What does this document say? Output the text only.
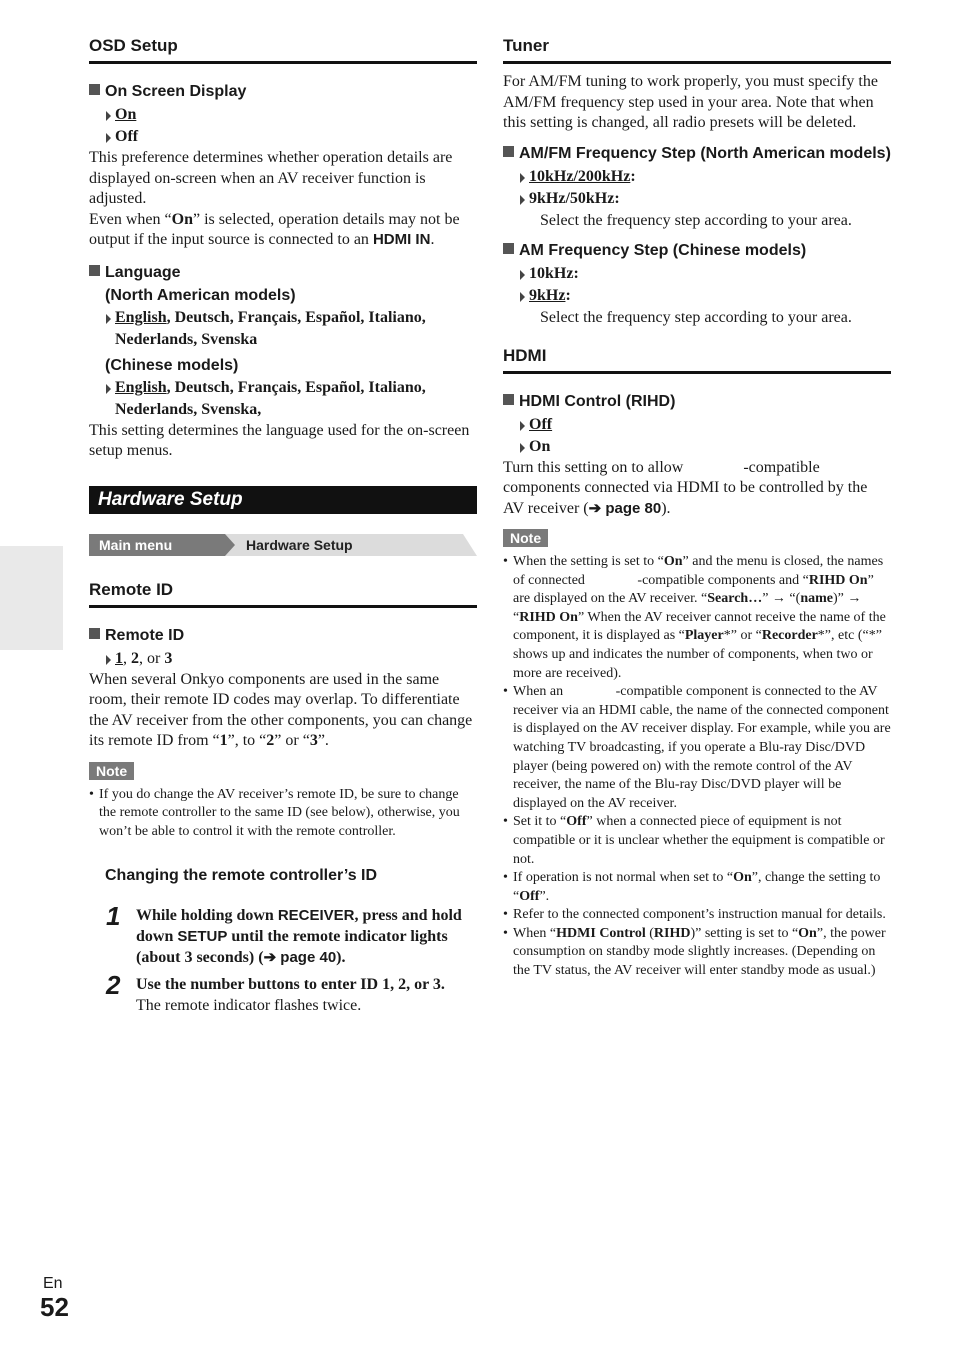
OSD Setup
On Screen Display
On
Off

This preference determines whether operation details are displayed on-screen when an AV receiver function is adjusted.

Even when “On” is selected, operation details may not be output if the input source is connected to an HDMI IN.

Language
(North American models)
English, Deutsch, Français, Español, Italiano, Nederlands, Svenska
(Chinese models)
English, Deutsch, Français, Español, Italiano, Nederlands, Svenska,

This setting determines the language used for the on-screen setup menus.

Hardware Setup
Main menu	Hardware Setup
Remote ID
Remote ID
1, 2, or 3

When several Onkyo components are used in the same room, their remote ID codes may overlap. To differentiate the AV receiver from the other components, you can change its remote ID from “1”, to “2” or “3”.

Note
• If you do change the AV receiver’s remote ID, be sure to change the remote controller to the same ID (see below), otherwise, you won’t be able to control it with the remote controller.
Changing the remote controller’s ID
1 While holding down RECEIVER, press and hold down SETUP until the remote indicator lights (about 3 seconds) (➔ page 40).
2 Use the number buttons to enter ID 1, 2, or 3.
The remote indicator flashes twice.
Tuner

For AM/FM tuning to work properly, you must specify the AM/FM frequency step used in your area. Note that when this setting is changed, all radio presets will be deleted.

AM/FM Frequency Step (North American models)
10kHz/200kHz:
9kHz/50kHz:
Select the frequency step according to your area.
AM Frequency Step (Chinese models)
10kHz:
9kHz:
Select the frequency step according to your area.
HDMI
HDMI Control (RIHD)
Off
On

Turn this setting on to allow               -compatible components connected via HDMI to be controlled by the AV receiver (➔ page 80).

Note
• When the setting is set to “On” and the menu is closed, the names of connected               -compatible components and “RIHD On” are displayed on the AV receiver. “Search…” → “(name)” → “RIHD On” When the AV receiver cannot receive the name of the component, it is displayed as “Player*” or “Recorder*”, etc (“*” shows up and indicates the number of components, when two or more are received).
• When an               -compatible component is connected to the AV receiver via an HDMI cable, the name of the connected component is displayed on the AV receiver display. For example, while you are watching TV broadcasting, if you operate a Blu-ray Disc/DVD player (being powered on) with the remote control of the AV receiver, the name of the Blu-ray Disc/DVD player will be displayed on the AV receiver.
• Set it to “Off” when a connected piece of equipment is not compatible or it is unclear whether the equipment is compatible or not.
• If operation is not normal when set to “On”, change the setting to “Off”.
• Refer to the connected component’s instruction manual for details.
• When “HDMI Control (RIHD)” setting is set to “On”, the power consumption on standby mode slightly increases. (Depending on the TV status, the AV receiver will enter standby mode as usual.)
En
52
